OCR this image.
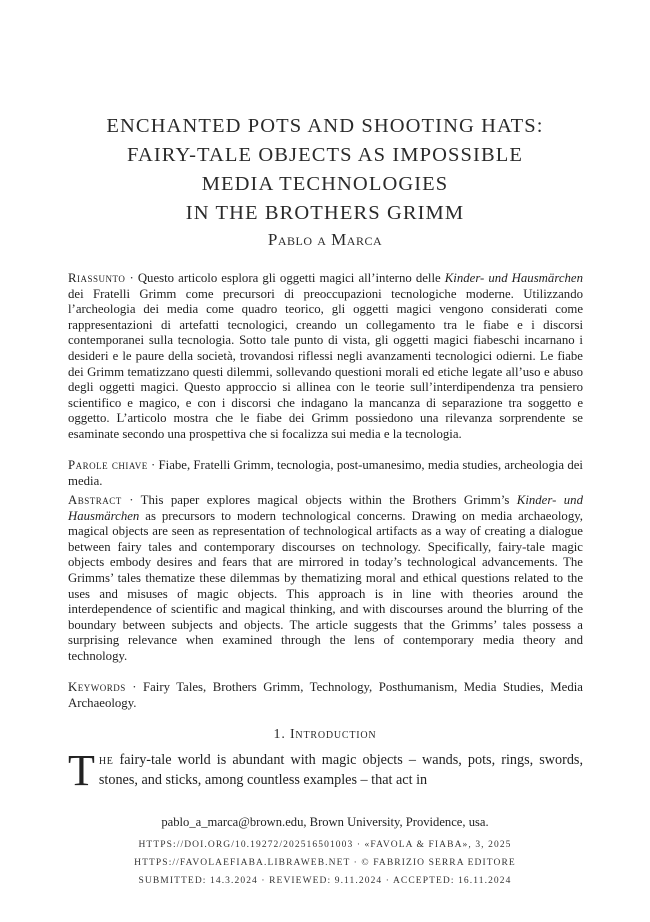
ENCHANTED POTS AND SHOOTING HATS:
FAIRY-TALE OBJECTS AS IMPOSSIBLE
MEDIA TECHNOLOGIES
IN THE BROTHERS GRIMM
Pablo a Marca
Riassunto · Questo articolo esplora gli oggetti magici all’interno delle Kinder- und Hausmärchen dei Fratelli Grimm come precursori di preoccupazioni tecnologiche moderne. Utilizzando l’archeologia dei media come quadro teorico, gli oggetti magici vengono considerati come rappresentazioni di artefatti tecnologici, creando un collegamento tra le fiabe e i discorsi contemporanei sulla tecnologia. Sotto tale punto di vista, gli oggetti magici fiabeschi incarnano i desideri e le paure della società, trovandosi riflessi negli avanzamenti tecnologici odierni. Le fiabe dei Grimm tematizzano questi dilemmi, sollevando questioni morali ed etiche legate all’uso e abuso degli oggetti magici. Questo approccio si allinea con le teorie sull’interdipendenza tra pensiero scientifico e magico, e con i discorsi che indagano la mancanza di separazione tra soggetto e oggetto. L’articolo mostra che le fiabe dei Grimm possiedono una rilevanza sorprendente se esaminate secondo una prospettiva che si focalizza sui media e la tecnologia.
Parole chiave · Fiabe, Fratelli Grimm, tecnologia, post-umanesimo, media studies, archeologia dei media.
Abstract · This paper explores magical objects within the Brothers Grimm’s Kinder- und Hausmärchen as precursors to modern technological concerns. Drawing on media archaeology, magical objects are seen as representation of technological artifacts as a way of creating a dialogue between fairy tales and contemporary discourses on technology. Specifically, fairy-tale magic objects embody desires and fears that are mirrored in today’s technological advancements. The Grimms’ tales thematize these dilemmas by thematizing moral and ethical questions related to the uses and misuses of magic objects. This approach is in line with theories around the interdependence of scientific and magical thinking, and with discourses around the blurring of the boundary between subjects and objects. The article suggests that the Grimms’ tales possess a surprising relevance when examined through the lens of contemporary media theory and technology.
Keywords · Fairy Tales, Brothers Grimm, Technology, Posthumanism, Media Studies, Media Archaeology.
1. Introduction
The fairy-tale world is abundant with magic objects – wands, pots, rings, swords, stones, and sticks, among countless examples – that act in
pablo_a_marca@brown.edu, Brown University, Providence, usa.
HTTPS://DOI.ORG/10.19272/202516501003 · «FAVOLA & FIABA», 3, 2025
HTTPS://FAVOLAEFIABA.LIBRAWEB.NET · © FABRIZIO SERRA EDITORE
SUBMITTED: 14.3.2024 · REVIEWED: 9.11.2024 · ACCEPTED: 16.11.2024
